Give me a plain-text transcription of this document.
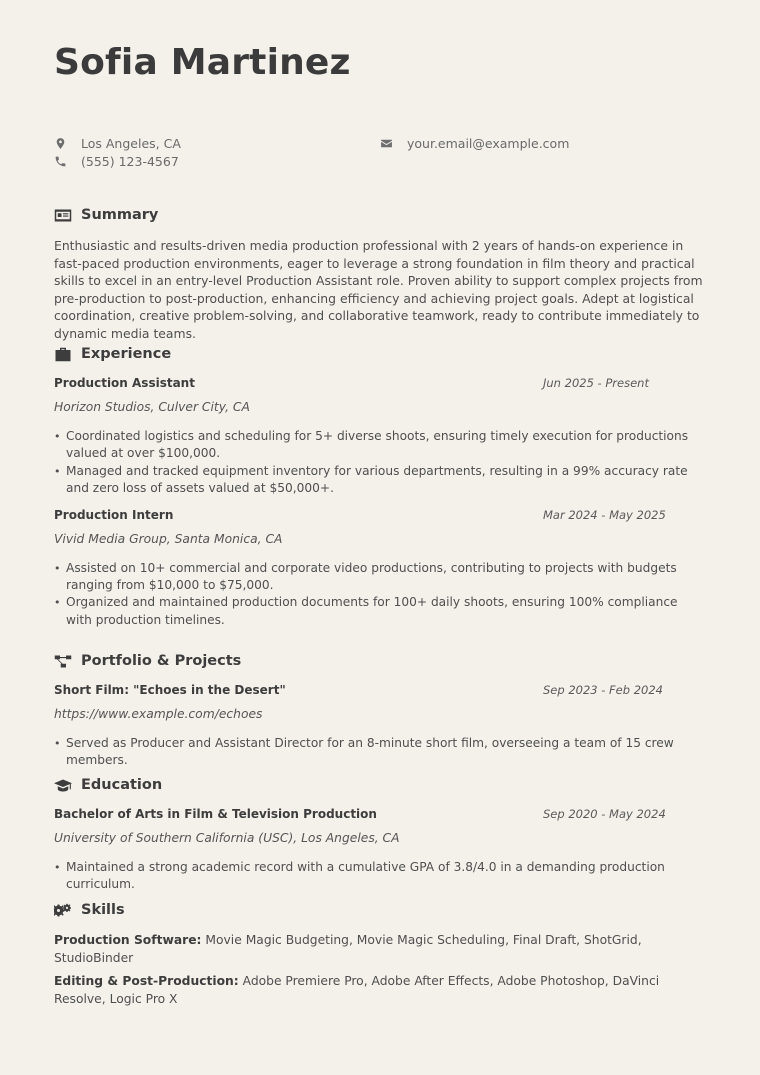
Sofia Martinez
Los Angeles, CA
(555) 123-4567
your.email@example.com
Summary

Enthusiastic and results-driven media production professional with 2 years of hands-on experience in fast-paced production environments, eager to leverage a strong foundation in film theory and practical skills to excel in an entry-level Production Assistant role. Proven ability to support complex projects from pre-production to post-production, enhancing efficiency and achieving project goals. Adept at logistical coordination, creative problem-solving, and collaborative teamwork, ready to contribute immediately to dynamic media teams.

Experience
Production Assistant	Jun 2025 - Present
Horizon Studios, Culver City, CA
• Coordinated logistics and scheduling for 5+ diverse shoots, ensuring timely execution for productions valued at over $100,000.
• Managed and tracked equipment inventory for various departments, resulting in a 99% accuracy rate and zero loss of assets valued at $50,000+.
Production Intern	Mar 2024 - May 2025
Vivid Media Group, Santa Monica, CA
• Assisted on 10+ commercial and corporate video productions, contributing to projects with budgets ranging from $10,000 to $75,000.
• Organized and maintained production documents for 100+ daily shoots, ensuring 100% compliance with production timelines.
Portfolio & Projects
Short Film: "Echoes in the Desert"	Sep 2023 - Feb 2024
https://www.example.com/echoes
• Served as Producer and Assistant Director for an 8-minute short film, overseeing a team of 15 crew members.
Education
Bachelor of Arts in Film & Television Production	Sep 2020 - May 2024
University of Southern California (USC), Los Angeles, CA
• Maintained a strong academic record with a cumulative GPA of 3.8/4.0 in a demanding production curriculum.
Skills

Production Software: Movie Magic Budgeting, Movie Magic Scheduling, Final Draft, ShotGrid, StudioBinder

Editing & Post-Production: Adobe Premiere Pro, Adobe After Effects, Adobe Photoshop, DaVinci Resolve, Logic Pro X
